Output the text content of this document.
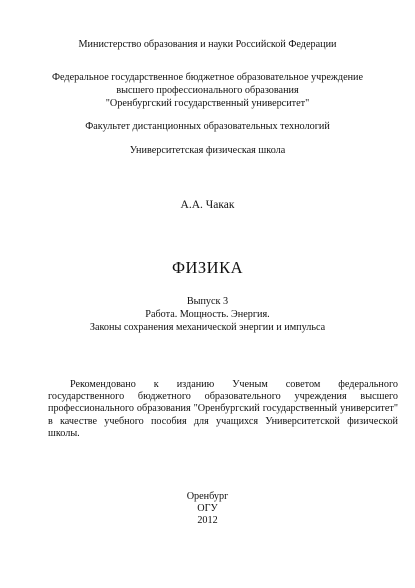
Министерство образования и науки Российской Федерации
Федеральное государственное бюджетное образовательное учреждение
высшего профессионального образования
"Оренбургский государственный университет"
Факультет дистанционных образовательных технологий
Университетская физическая школа
А.А. Чакак
ФИЗИКА
Выпуск 3
Работа. Мощность. Энергия.
Законы сохранения механической энергии и импульса

Рекомендовано к изданию Ученым советом федерального государственного бюджетного образовательного учреждения высшего профессионального образования "Оренбургский государственный университет" в качестве учебного пособия для учащихся Университетской физической школы.

Оренбург
ОГУ
2012
